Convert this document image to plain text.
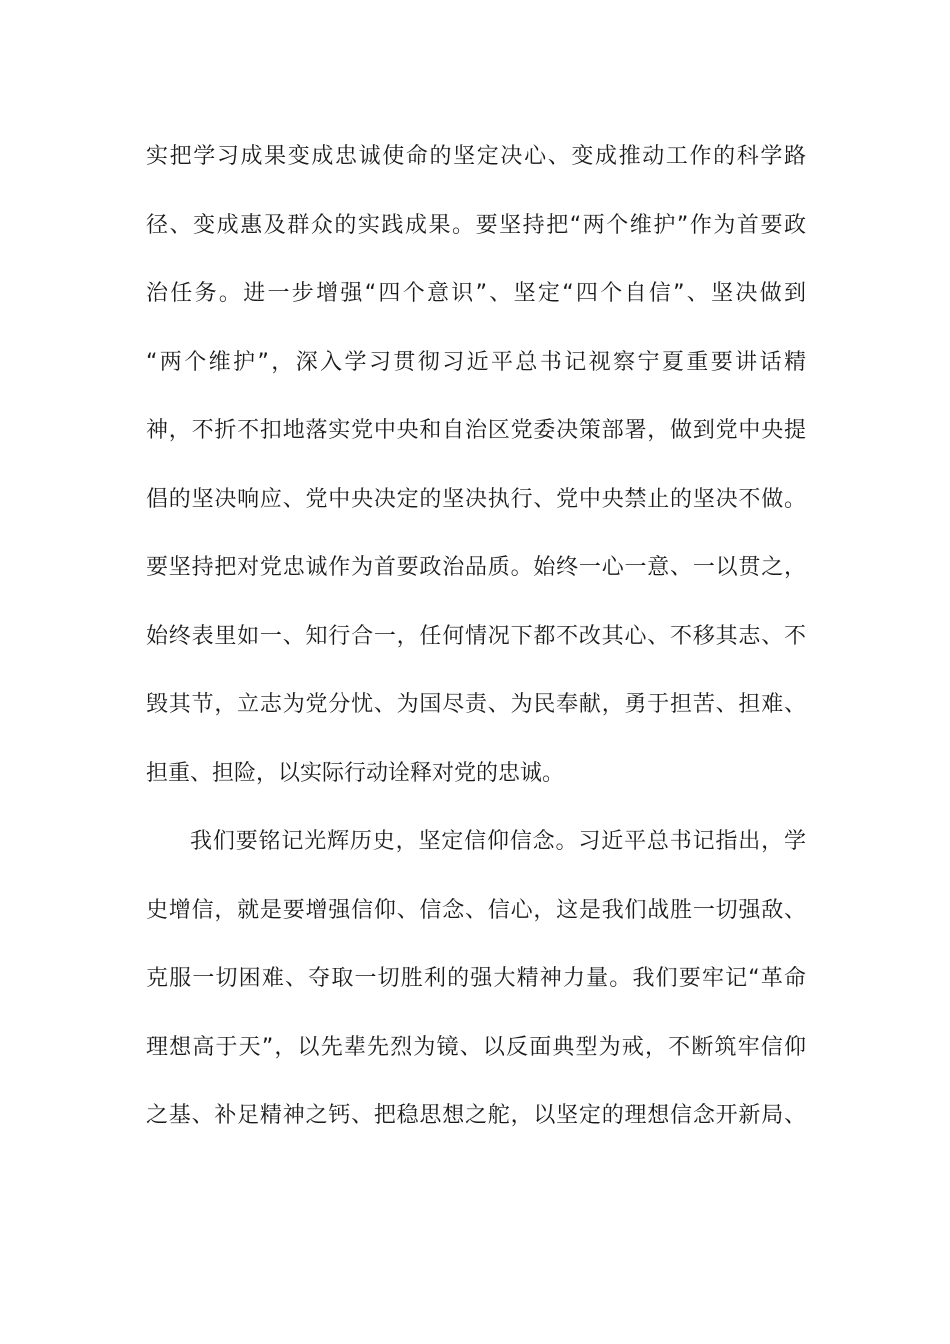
实把学习成果变成忠诚使命的坚定决心、变成推动工作的科学路
径、变成惠及群众的实践成果。要坚持把“两个维护”作为首要政
治任务。进一步增强“四个意识”、坚定“四个自信”、坚决做到
“两个维护”，深入学习贯彻习近平总书记视察宁夏重要讲话精
神，不折不扣地落实党中央和自治区党委决策部署，做到党中央提
倡的坚决响应、党中央决定的坚决执行、党中央禁止的坚决不做。
要坚持把对党忠诚作为首要政治品质。始终一心一意、一以贯之，
始终表里如一、知行合一，任何情况下都不改其心、不移其志、不
毁其节，立志为党分忧、为国尽责、为民奉献，勇于担苦、担难、
担重、担险，以实际行动诠释对党的忠诚。
我们要铭记光辉历史，坚定信仰信念。习近平总书记指出，学
史增信，就是要增强信仰、信念、信心，这是我们战胜一切强敌、
克服一切困难、夺取一切胜利的强大精神力量。我们要牢记“革命
理想高于天”，以先辈先烈为镜、以反面典型为戒，不断筑牢信仰
之基、补足精神之钙、把稳思想之舵，以坚定的理想信念开新局、
